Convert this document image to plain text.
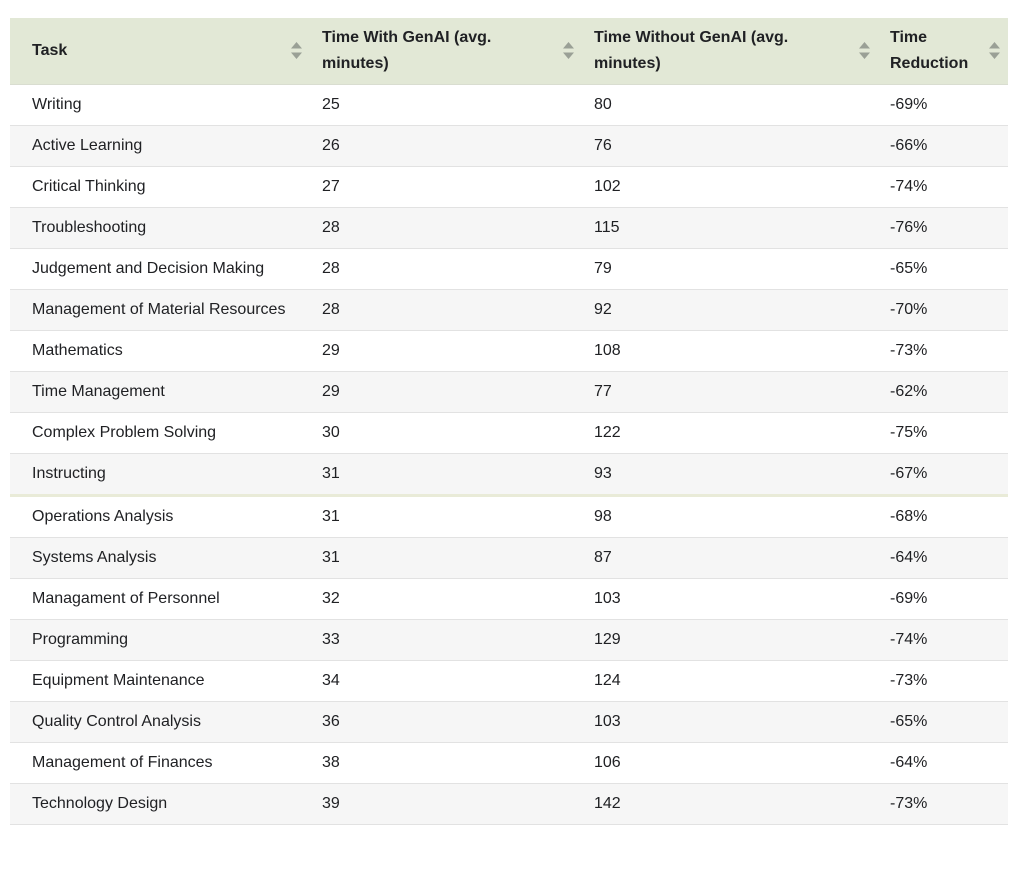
Task	Time With GenAI (avg. minutes)	Time Without GenAI (avg. minutes)	Time Reduction

Writing	25	80	-69%
Active Learning	26	76	-66%
Critical Thinking	27	102	-74%
Troubleshooting	28	115	-76%
Judgement and Decision Making	28	79	-65%
Management of Material Resources	28	92	-70%
Mathematics	29	108	-73%
Time Management	29	77	-62%
Complex Problem Solving	30	122	-75%
Instructing	31	93	-67%
Operations Analysis	31	98	-68%
Systems Analysis	31	87	-64%
Managament of Personnel	32	103	-69%
Programming	33	129	-74%
Equipment Maintenance	34	124	-73%
Quality Control Analysis	36	103	-65%
Management of Finances	38	106	-64%
Technology Design	39	142	-73%
